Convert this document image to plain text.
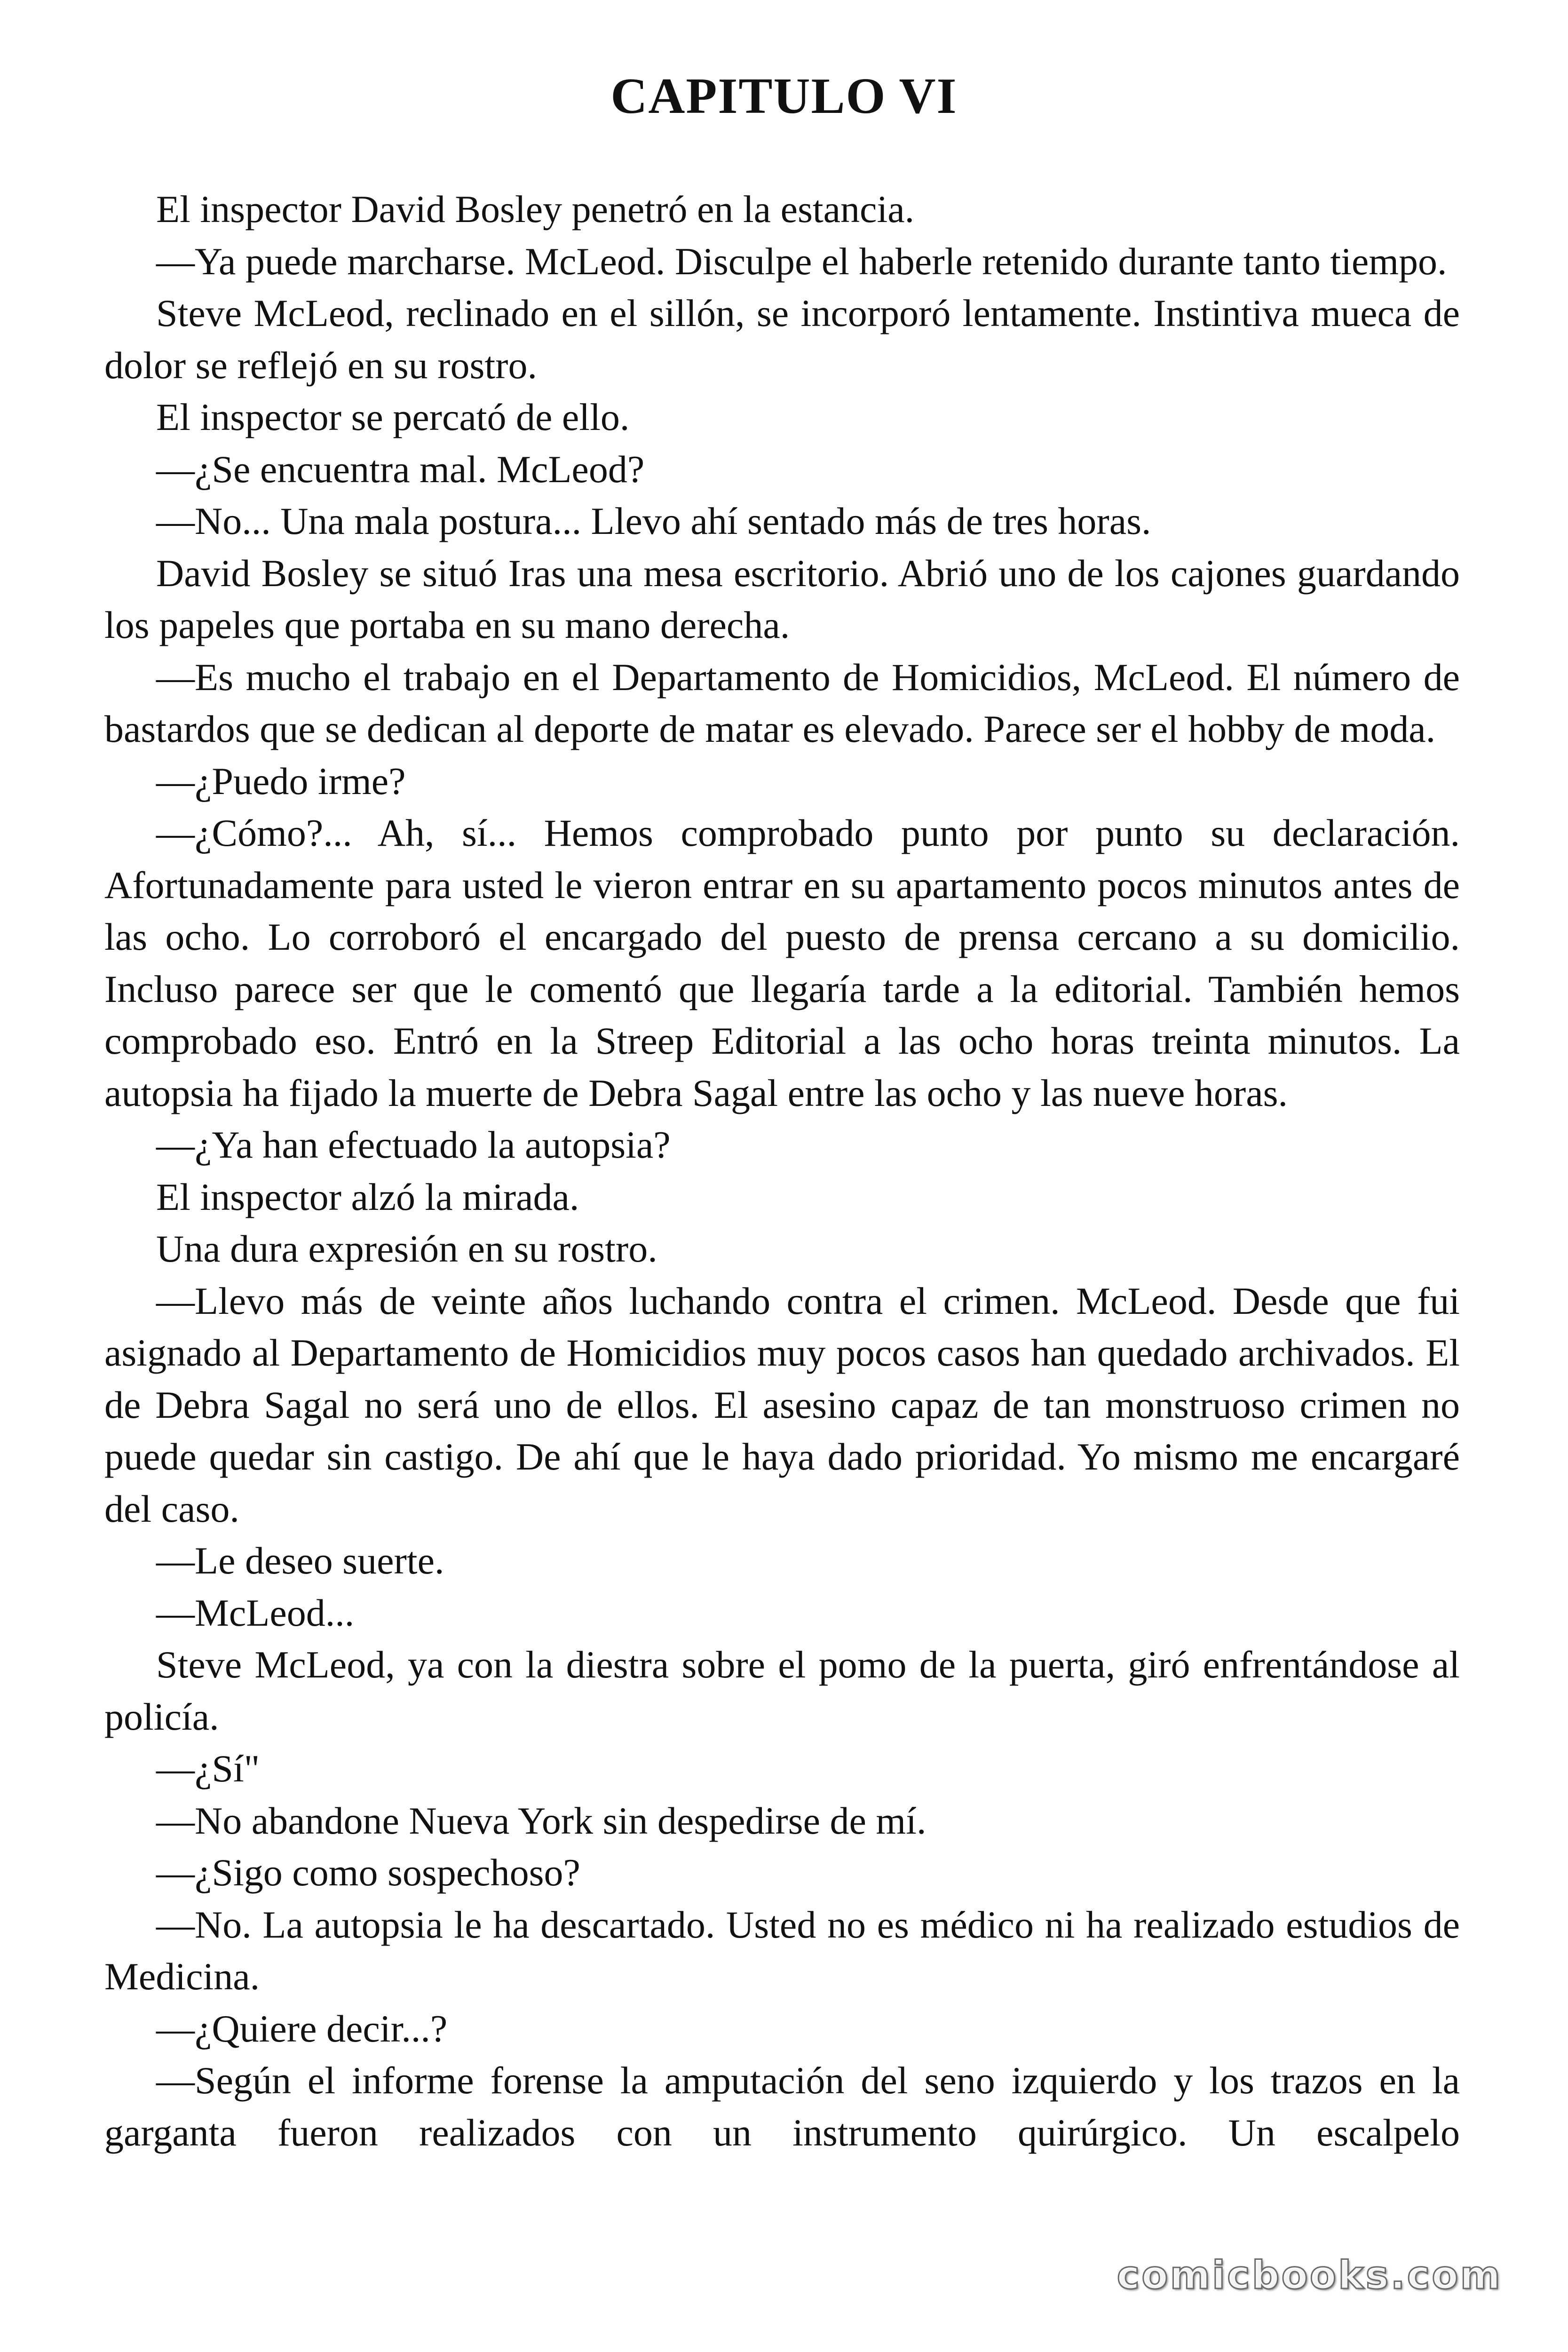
CAPITULO VI

El inspector David Bosley penetró en la estancia.

—Ya puede marcharse. McLeod. Disculpe el haberle retenido durante tanto tiempo.

Steve McLeod, reclinado en el sillón, se incorporó lentamente. Instintiva mueca de dolor se reflejó en su rostro.

El inspector se percató de ello.

—¿Se encuentra mal. McLeod?

—No... Una mala postura... Llevo ahí sentado más de tres horas.

David Bosley se situó Iras una mesa escritorio. Abrió uno de los cajones guardando los papeles que portaba en su mano derecha.

—Es mucho el trabajo en el Departamento de Homicidios, McLeod. El número de bastardos que se dedican al deporte de matar es elevado. Parece ser el hobby de moda.

—¿Puedo irme?

—¿Cómo?... Ah, sí... Hemos comprobado punto por punto su declaración. Afortunadamente para usted le vieron entrar en su apartamento pocos minutos antes de las ocho. Lo corroboró el encargado del puesto de prensa cercano a su domicilio. Incluso parece ser que le comentó que llegaría tarde a la editorial. También hemos comprobado eso. Entró en la Streep Editorial a las ocho horas treinta minutos. La autopsia ha fijado la muerte de Debra Sagal entre las ocho y las nueve horas.

—¿Ya han efectuado la autopsia?

El inspector alzó la mirada.

Una dura expresión en su rostro.

—Llevo más de veinte años luchando contra el crimen. McLeod. Desde que fui asignado al Departamento de Homicidios muy pocos casos han quedado archivados. El de Debra Sagal no será uno de ellos. El asesino capaz de tan monstruoso crimen no puede quedar sin castigo. De ahí que le haya dado prioridad. Yo mismo me encargaré del caso.

—Le deseo suerte.

—McLeod...

Steve McLeod, ya con la diestra sobre el pomo de la puerta, giró enfrentándose al policía.

—¿Sí"

—No abandone Nueva York sin despedirse de mí.

—¿Sigo como sospechoso?

—No. La autopsia le ha descartado. Usted no es médico ni ha realizado estudios de Medicina.

—¿Quiere decir...?

—Según el informe forense la amputación del seno izquierdo y los trazos en la garganta fueron realizados con un instrumento quirúrgico. Un escalpelo

comicbooks.com
